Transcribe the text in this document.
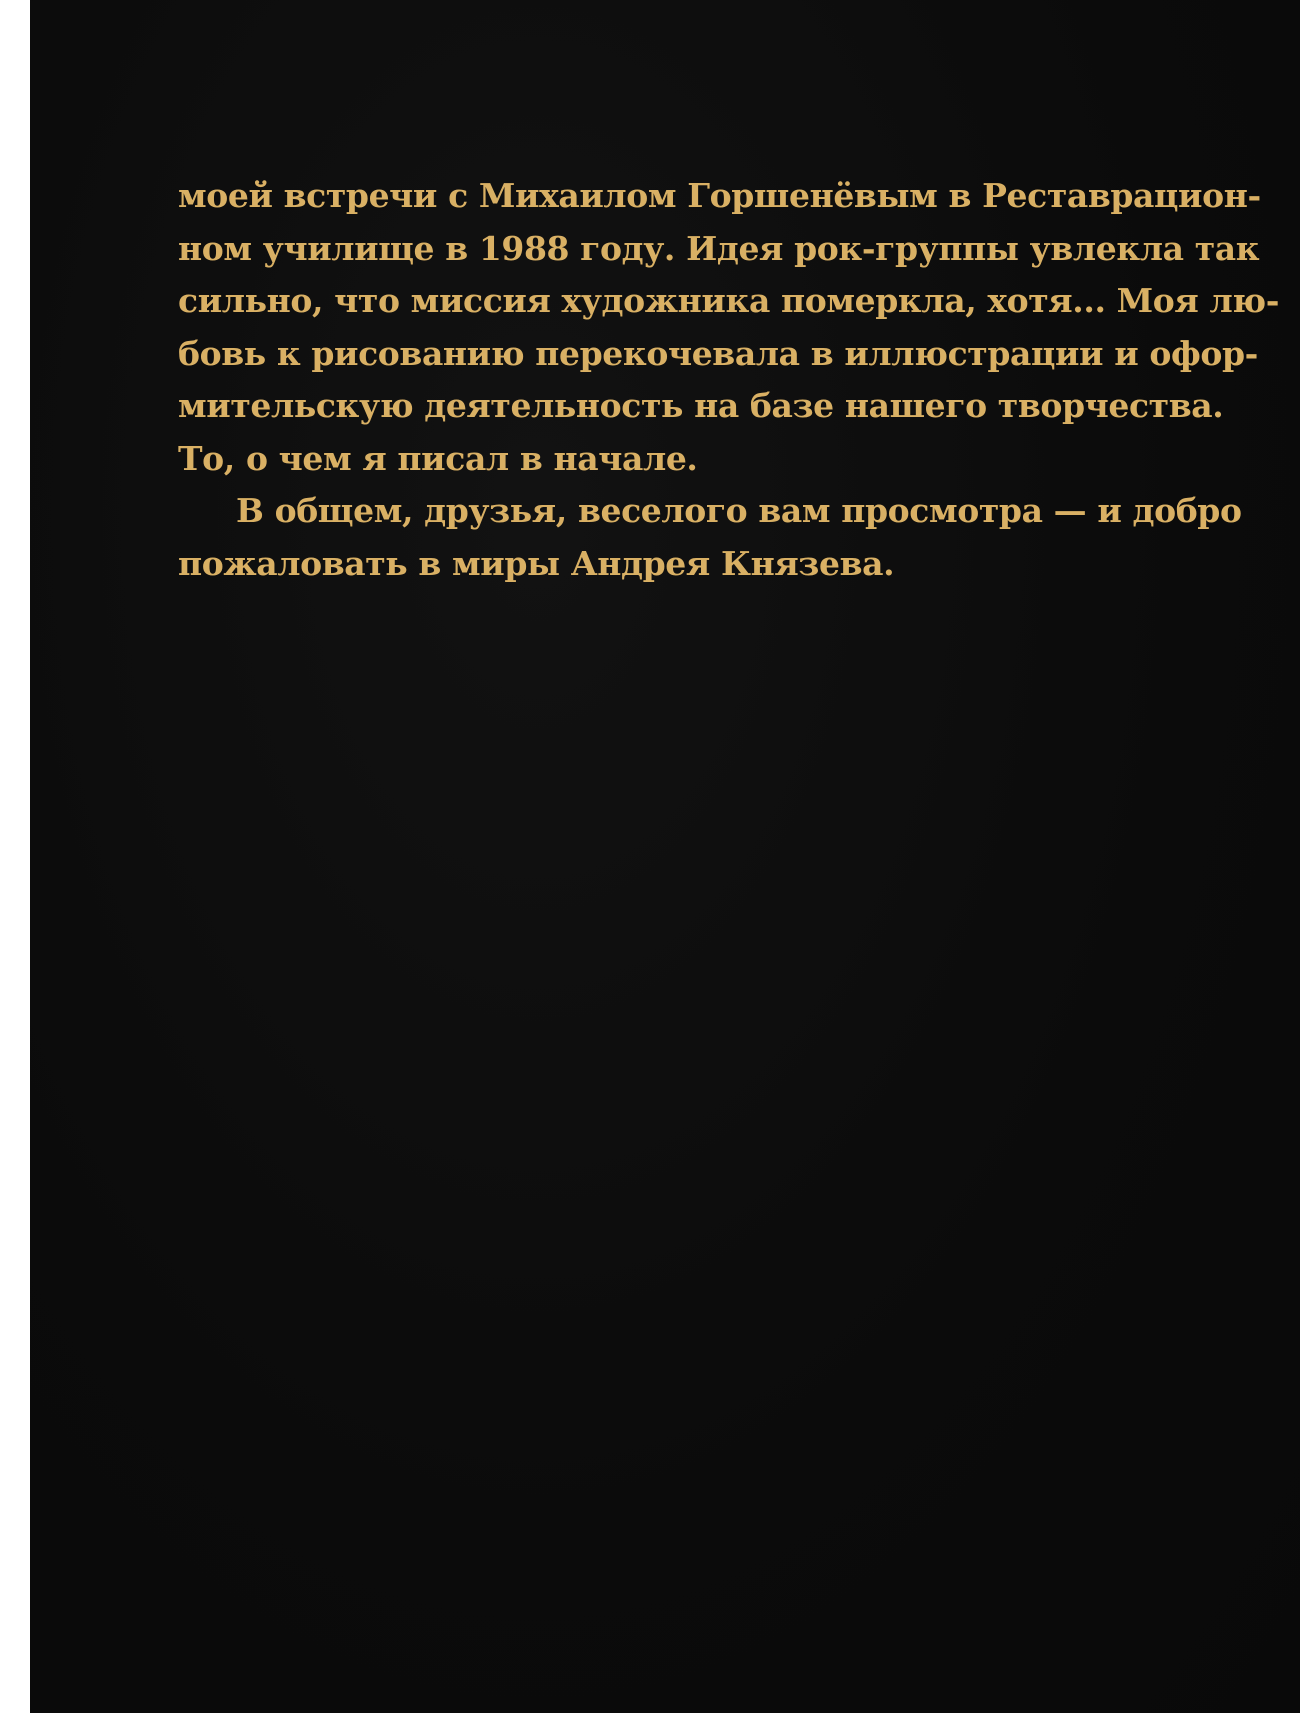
моей встречи с Михаилом Горшенёвым в Реставрацион-
ном училище в 1988 году. Идея рок-группы увлекла так
сильно, что миссия художника померкла, хотя... Моя лю-
бовь к рисованию перекочевала в иллюстрации и офор-
мительскую деятельность на базе нашего творчества.
То, о чем я писал в начале.
В общем, друзья, веселого вам просмотра — и добро
пожаловать в миры Андрея Князева.
